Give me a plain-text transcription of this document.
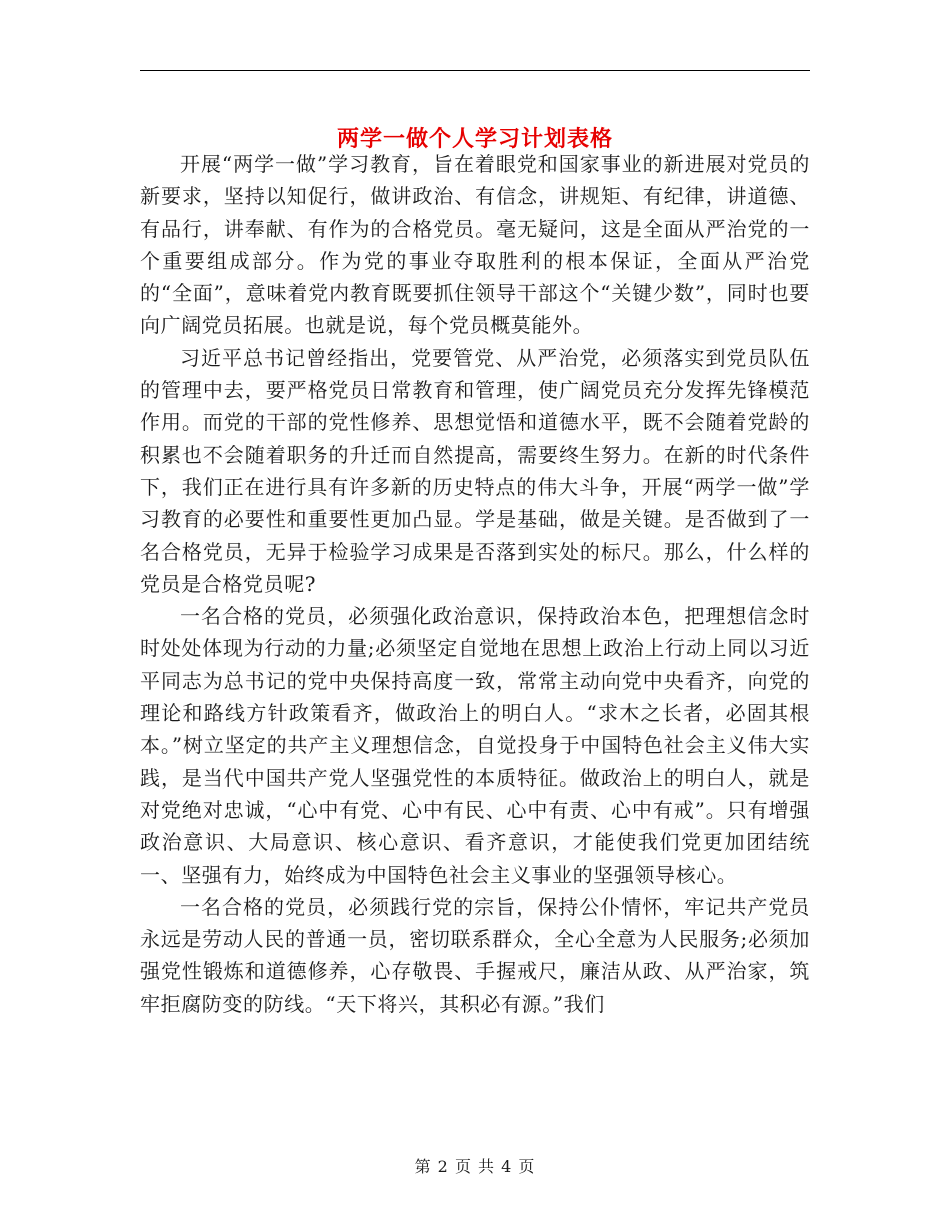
两学一做个人学习计划表格

开展“两学一做”学习教育，旨在着眼党和国家事业的新进展对党员的新要求，坚持以知促行，做讲政治、有信念，讲规矩、有纪律，讲道德、有品行，讲奉献、有作为的合格党员。毫无疑问，这是全面从严治党的一个重要组成部分。作为党的事业夺取胜利的根本保证，全面从严治党的“全面”，意味着党内教育既要抓住领导干部这个“关键少数”，同时也要向广阔党员拓展。也就是说，每个党员概莫能外。

习近平总书记曾经指出，党要管党、从严治党，必须落实到党员队伍的管理中去，要严格党员日常教育和管理，使广阔党员充分发挥先锋模范作用。而党的干部的党性修养、思想觉悟和道德水平，既不会随着党龄的积累也不会随着职务的升迁而自然提高，需要终生努力。在新的时代条件下，我们正在进行具有许多新的历史特点的伟大斗争，开展“两学一做”学习教育的必要性和重要性更加凸显。学是基础，做是关键。是否做到了一名合格党员，无异于检验学习成果是否落到实处的标尺。那么，什么样的党员是合格党员呢?

一名合格的党员，必须强化政治意识，保持政治本色，把理想信念时时处处体现为行动的力量;必须坚定自觉地在思想上政治上行动上同以习近平同志为总书记的党中央保持高度一致，常常主动向党中央看齐，向党的理论和路线方针政策看齐，做政治上的明白人。“求木之长者，必固其根本。”树立坚定的共产主义理想信念，自觉投身于中国特色社会主义伟大实践，是当代中国共产党人坚强党性的本质特征。做政治上的明白人，就是对党绝对忠诚，“心中有党、心中有民、心中有责、心中有戒”。只有增强政治意识、大局意识、核心意识、看齐意识，才能使我们党更加团结统一、坚强有力，始终成为中国特色社会主义事业的坚强领导核心。

一名合格的党员，必须践行党的宗旨，保持公仆情怀，牢记共产党员永远是劳动人民的普通一员，密切联系群众，全心全意为人民服务;必须加强党性锻炼和道德修养，心存敬畏、手握戒尺，廉洁从政、从严治家，筑牢拒腐防变的防线。“天下将兴，其积必有源。”我们

第 2 页 共 4 页
